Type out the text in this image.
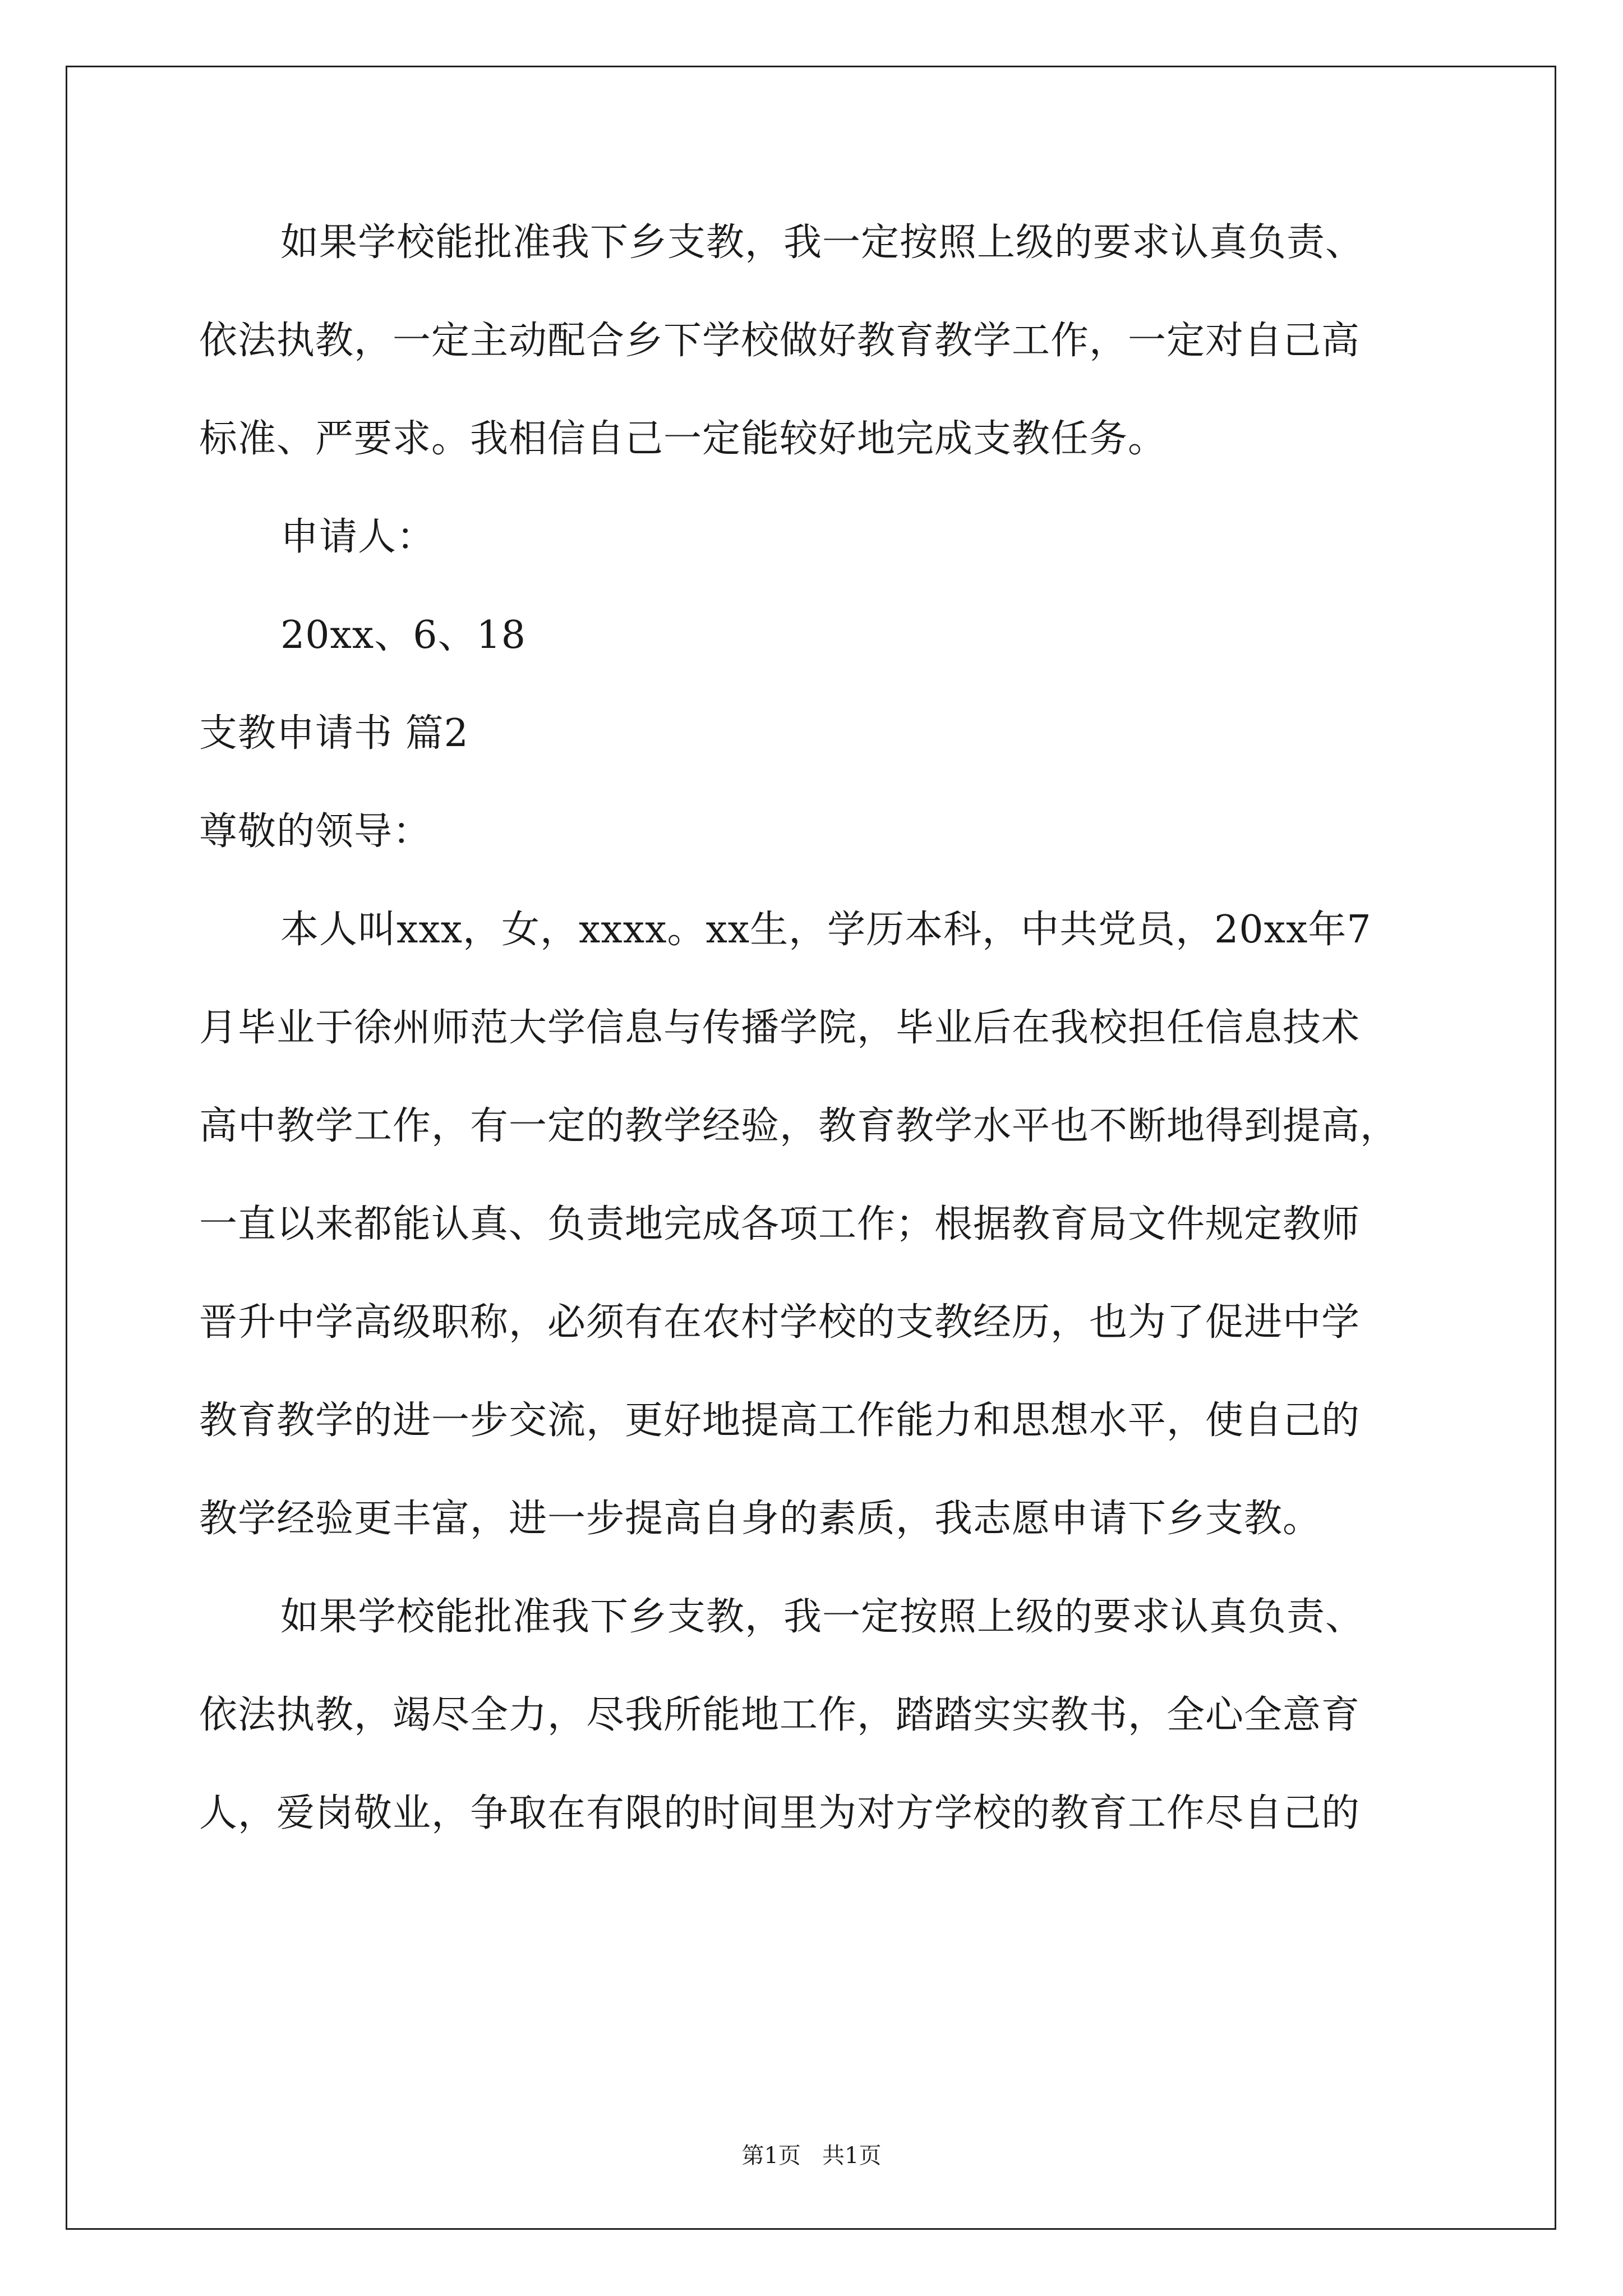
如果学校能批准我下乡支教，我一定按照上级的要求认真负责、
依法执教，一定主动配合乡下学校做好教育教学工作，一定对自己高
标准、严要求。我相信自己一定能较好地完成支教任务。
申请人：
20xx、6、18
支教申请书 篇2
尊敬的领导：
本人叫xxx，女，xxxx。xx生，学历本科，中共党员，20xx年7
月毕业于徐州师范大学信息与传播学院，毕业后在我校担任信息技术
高中教学工作，有一定的教学经验，教育教学水平也不断地得到提高，
一直以来都能认真、负责地完成各项工作；根据教育局文件规定教师
晋升中学高级职称，必须有在农村学校的支教经历，也为了促进中学
教育教学的进一步交流，更好地提高工作能力和思想水平，使自己的
教学经验更丰富，进一步提高自身的素质，我志愿申请下乡支教。
如果学校能批准我下乡支教，我一定按照上级的要求认真负责、
依法执教，竭尽全力，尽我所能地工作，踏踏实实教书，全心全意育
人，爱岗敬业，争取在有限的时间里为对方学校的教育工作尽自己的
第1页   共1页
